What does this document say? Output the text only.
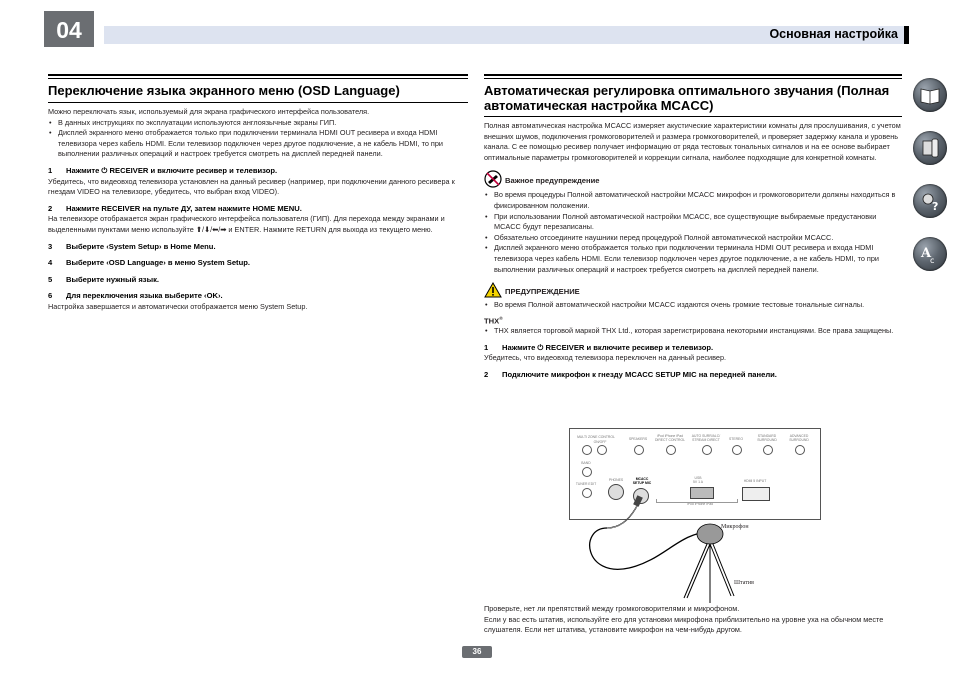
04	Основная настройка
Переключение языка экранного меню (OSD Language)

Можно переключать язык, используемый для экрана графического интерфейса пользователя.

• В данных инструкциях по эксплуатации используются англоязычные экраны ГИП.
• Дисплей экранного меню отображается только при подключении терминала HDMI OUT ресивера и входа HDMI телевизора через кабель HDMI. Если телевизор подключен через другое подключение, а не кабель HDMI, то при выполнении различных операций и настроек требуется смотреть на дисплей передней панели.
1	Нажмите ⏻ RECEIVER и включите ресивер и телевизор.

Убедитесь, что видеовход телевизора установлен на данный ресивер (например, при подключении данного ресивера к гнездам VIDEO на телевизоре, убедитесь, что выбран вход VIDEO).

2	Нажмите RECEIVER на пульте ДУ, затем нажмите HOME MENU.

На телевизоре отображается экран графического интерфейса пользователя (ГИП). Для перехода между экранами и выделенными пунктами меню используйте ⬆/⬇/⬅/➡ и ENTER. Нажмите RETURN для выхода из текущего меню.

3	Выберите ‹System Setup› в Home Menu.
4	Выберите ‹OSD Language› в меню System Setup.
5	Выберите нужный язык.
6	Для переключения языка выберите ‹OK›.

Настройка завершается и автоматически отображается меню System Setup.

Автоматическая регулировка оптимального звучания (Полная
автоматическая настройка MCACC)

Полная автоматическая настройка MCACC измеряет акустические характеристики комнаты для прослушивания, с учетом внешних шумов, подключения громкоговорителей и размера громкоговорителей, и проверяет задержку канала и уровень канала. С ее помощью ресивер получает информацию от ряда тестовых тональных сигналов и на ее основе выбирает оптимальные параметры громкоговорителей и коррекции сигнала, наиболее подходящие для конкретной комнаты.

Важное предупреждение
• Во время процедуры Полной автоматической настройки MCACC микрофон и громкоговорители должны находиться в фиксированном положении.
• При использовании Полной автоматической настройки MCACC, все существующие выбираемые предустановки MCACC будут перезаписаны.
• Обязательно отсоедините наушники перед процедурой Полной автоматической настройки MCACC.
• Дисплей экранного меню отображается только при подключении терминала HDMI OUT ресивера и входа HDMI телевизора через кабель HDMI. Если телевизор подключен через другое подключение, а не кабель HDMI, то при выполнении различных операций и настроек требуется смотреть на дисплей передней панели.
ПРЕДУПРЕЖДЕНИЕ
• Во время Полной автоматической настройки MCACC издаются очень громкие тестовые тональные сигналы.
THX®
• THX является торговой маркой THX Ltd., которая зарегистрирована некоторыми инстанциями. Все права защищены.
1	Нажмите ⏻ RECEIVER и включите ресивер и телевизор.

Убедитесь, что видеовход телевизора переключен на данный ресивер.

2	Подключите микрофон к гнезду MCACC SETUP MIC на передней панели.
MULTI ZONE CONTROL
ON/OFF
SPEAKERS
iPod iPhone iPad DIRECT CONTROL
AUTO SURR/ALC/ STREAM DIRECT	STEREO
STANDARD SURROUND
ADVANCED SURROUND
BAND
TUNER EDIT
PHONES	MCACC SETUP MIC
USB
5V 1 A
iPod iPhone iPad
HDMI 5 INPUT
Микрофон
Штатив

Проверьте, нет ли препятствий между громкоговорителями и микрофоном.

Если у вас есть штатив, используйте его для установки микрофона приблизительно на уровне уха на обычном месте слушателя. Если нет штатива, установите микрофон на чем-нибудь другом.

?
A
c
36
